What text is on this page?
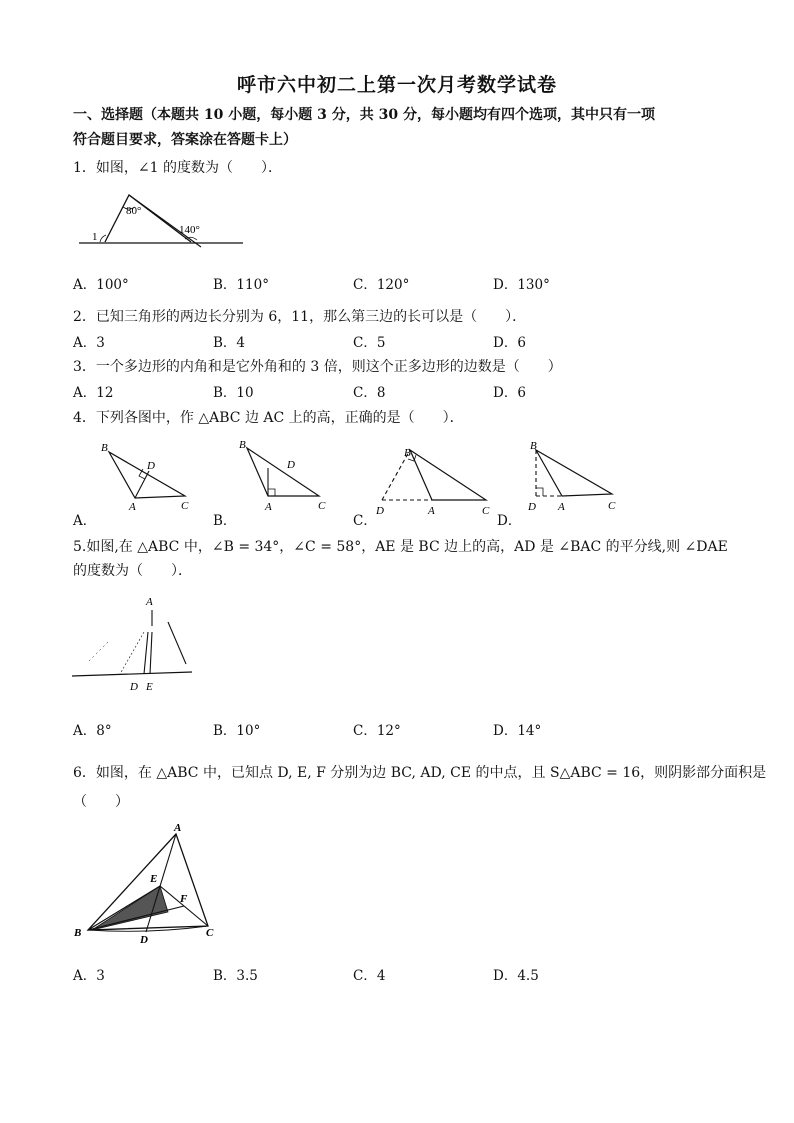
呼市六中初二上第一次月考数学试卷
一、选择题（本题共 10 小题，每小题 3 分，共 30 分，每小题均有四个选项，其中只有一项
符合题目要求，答案涂在答题卡上）
1．如图，∠1 的度数为（　　）．
80°
140°
1
A．100°	B．110°	C．120°	D．130°
2．已知三角形的两边长分别为 6，11，那么第三边的长可以是（　　）．
A．3	B．4	C．5	D．6
3．一个多边形的内角和是它外角和的 3 倍，则这个正多边形的边数是（　　）
A．12	B．10	C．8	D．6
4．下列各图中，作 △ABC 边 AC 上的高，正确的是（　　）．
B
D
A	C
B
D
A	C
B
D	A	C
B
D A	C
A．	B．	C．	D．
5.如图,在 △ABC 中，∠B = 34°，∠C = 58°，AE 是 BC 边上的高，AD 是 ∠BAC 的平分线,则 ∠DAE
的度数为（　　）．
A
D E
A．8°	B．10°	C．12°	D．14°
6．如图，在 △ABC 中，已知点 D, E, F 分别为边 BC, AD, CE 的中点，且 S△ABC = 16，则阴影部分面积是
（　　）
A
B	C
D
E
F
A．3	B．3.5	C．4	D．4.5
